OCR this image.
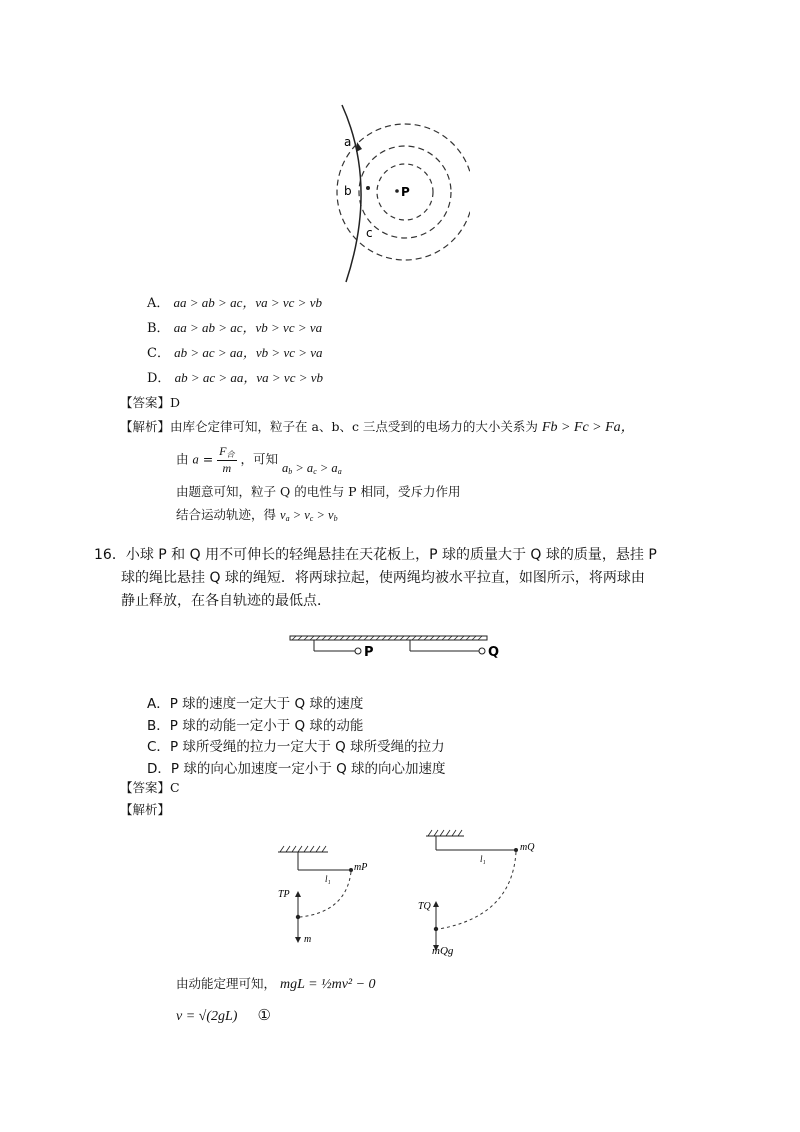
a
b
c
P
A． aa > ab > ac，va > vc > vb
B． aa > ab > ac，vb > vc > va
C． ab > ac > aa，vb > vc > va
D． ab > ac > aa，va > vc > vb
【答案】D
【解析】由库仑定律可知，粒子在 a、b、c 三点受到的电场力的大小关系为 Fb > Fc > Fa，
由 a =
$F_合$
m
，可知 $a_b > a_c > a_a$
由题意可知，粒子 Q 的电性与 P 相同，受斥力作用
结合运动轨迹，得 $v_a > v_c > v_b$
16．小球 P 和 Q 用不可伸长的轻绳悬挂在天花板上，P 球的质量大于 Q 球的质量，悬挂 P
球的绳比悬挂 Q 球的绳短．将两球拉起，使两绳均被水平拉直，如图所示，将两球由
静止释放，在各自轨迹的最低点．
P	Q
A．P 球的速度一定大于 Q 球的速度
B．P 球的动能一定小于 Q 球的动能
C．P 球所受绳的拉力一定大于 Q 球所受绳的拉力
D．P 球的向心加速度一定小于 Q 球的向心加速度
【答案】C
【解析】
l₁
mP
TP
m
l₁
mQ
TQ
mQg
由动能定理可知， mgL = ½mv² − 0
v = √(2gL) ①
